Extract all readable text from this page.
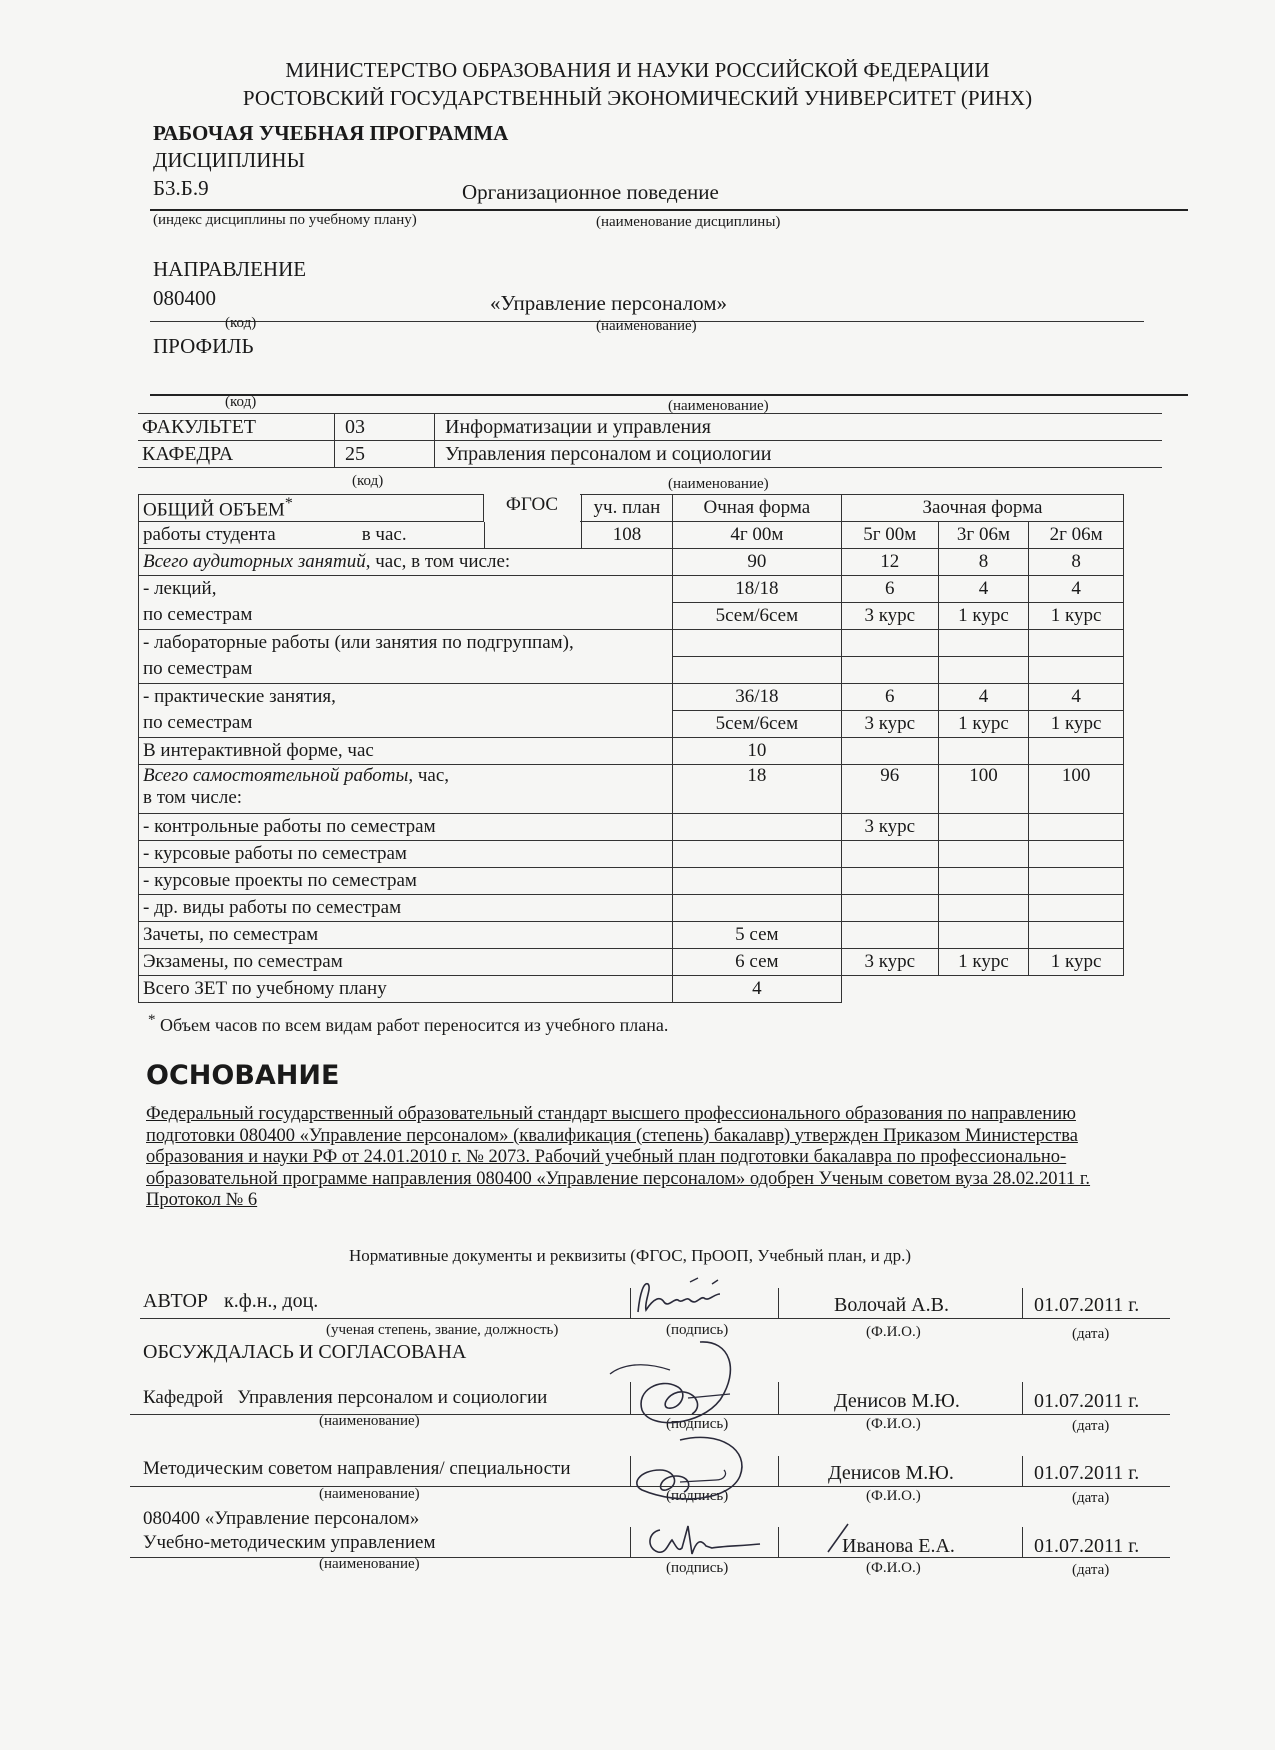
МИНИСТЕРСТВО ОБРАЗОВАНИЯ И НАУКИ РОССИЙСКОЙ ФЕДЕРАЦИИ
РОСТОВСКИЙ ГОСУДАРСТВЕННЫЙ ЭКОНОМИЧЕСКИЙ УНИВЕРСИТЕТ (РИНХ)
РАБОЧАЯ УЧЕБНАЯ ПРОГРАММА
ДИСЦИПЛИНЫ
Б3.Б.9	Организационное поведение
(индекс дисциплины по учебному плану)	(наименование дисциплины)
НАПРАВЛЕНИЕ
080400	«Управление персоналом»
(код)	(наименование)
ПРОФИЛЬ
(код)	(наименование)
ФАКУЛЬТЕТ	03	Информатизации и управления
КАФЕДРА	25	Управления персоналом и социологии
(код)	(наименование)
ОБЩИЙ ОБЪЕМ* ФГОС		уч. план	Очная форма	Заочная форма		
работы студента в час.		108	4г 00м	5г 00м	3г 06м	2г 06м
Всего аудиторных занятий, час, в том числе:			90	12	8	8

- лекций,
по семестрам			18/18	6	4	4
			5сем/6сем	3 курс	1 курс	1 курс

- лабораторные работы (или занятия по подгруппам),
по семестрам						

- практические занятия,
по семестрам			36/18	6	4	4
			5сем/6сем	3 курс	1 курс	1 курс
В интерактивной форме, час			10			

Всего самостоятельной работы, час,
в том числе:			18	96	100	100
- контрольные работы по семестрам				3 курс		
- курсовые работы по семестрам						
- курсовые проекты по семестрам						
- др. виды работы по семестрам						
Зачеты, по семестрам			5 сем			
Экзамены, по семестрам			6 сем	3 курс	1 курс	1 курс
Всего ЗЕТ по учебному плану			4			
* Объем часов по всем видам работ переносится из учебного плана.
ОСНОВАНИЕ
Федеральный государственный образовательный стандарт высшего профессионального образования по направлению подготовки 080400 «Управление персоналом» (квалификация (степень) бакалавр) утвержден Приказом Министерства образования и науки РФ от 24.01.2010 г. № 2073. Рабочий учебный план подготовки бакалавра по профессионально-образовательной программе направления 080400 «Управление персоналом» одобрен Ученым советом вуза 28.02.2011 г. Протокол № 6
Нормативные документы и реквизиты (ФГОС, ПрООП, Учебный план, и др.)
АВТОР к.ф.н., доц.	Волочай А.В.	01.07.2011 г.
(ученая степень, звание, должность)	(подпись)	(Ф.И.О.)	(дата)
ОБСУЖДАЛАСЬ И СОГЛАСОВАНА
Кафедрой Управления персоналом и социологии	Денисов М.Ю.	01.07.2011 г.
(наименование)	(подпись)	(Ф.И.О.)	(дата)
Методическим советом направления/ специальности	Денисов М.Ю.	01.07.2011 г.
(наименование)	(подпись)	(Ф.И.О.)	(дата)
080400 «Управление персоналом»
Учебно-методическим управлением	Иванова Е.А.	01.07.2011 г.
(наименование)	(подпись)	(Ф.И.О.)	(дата)
